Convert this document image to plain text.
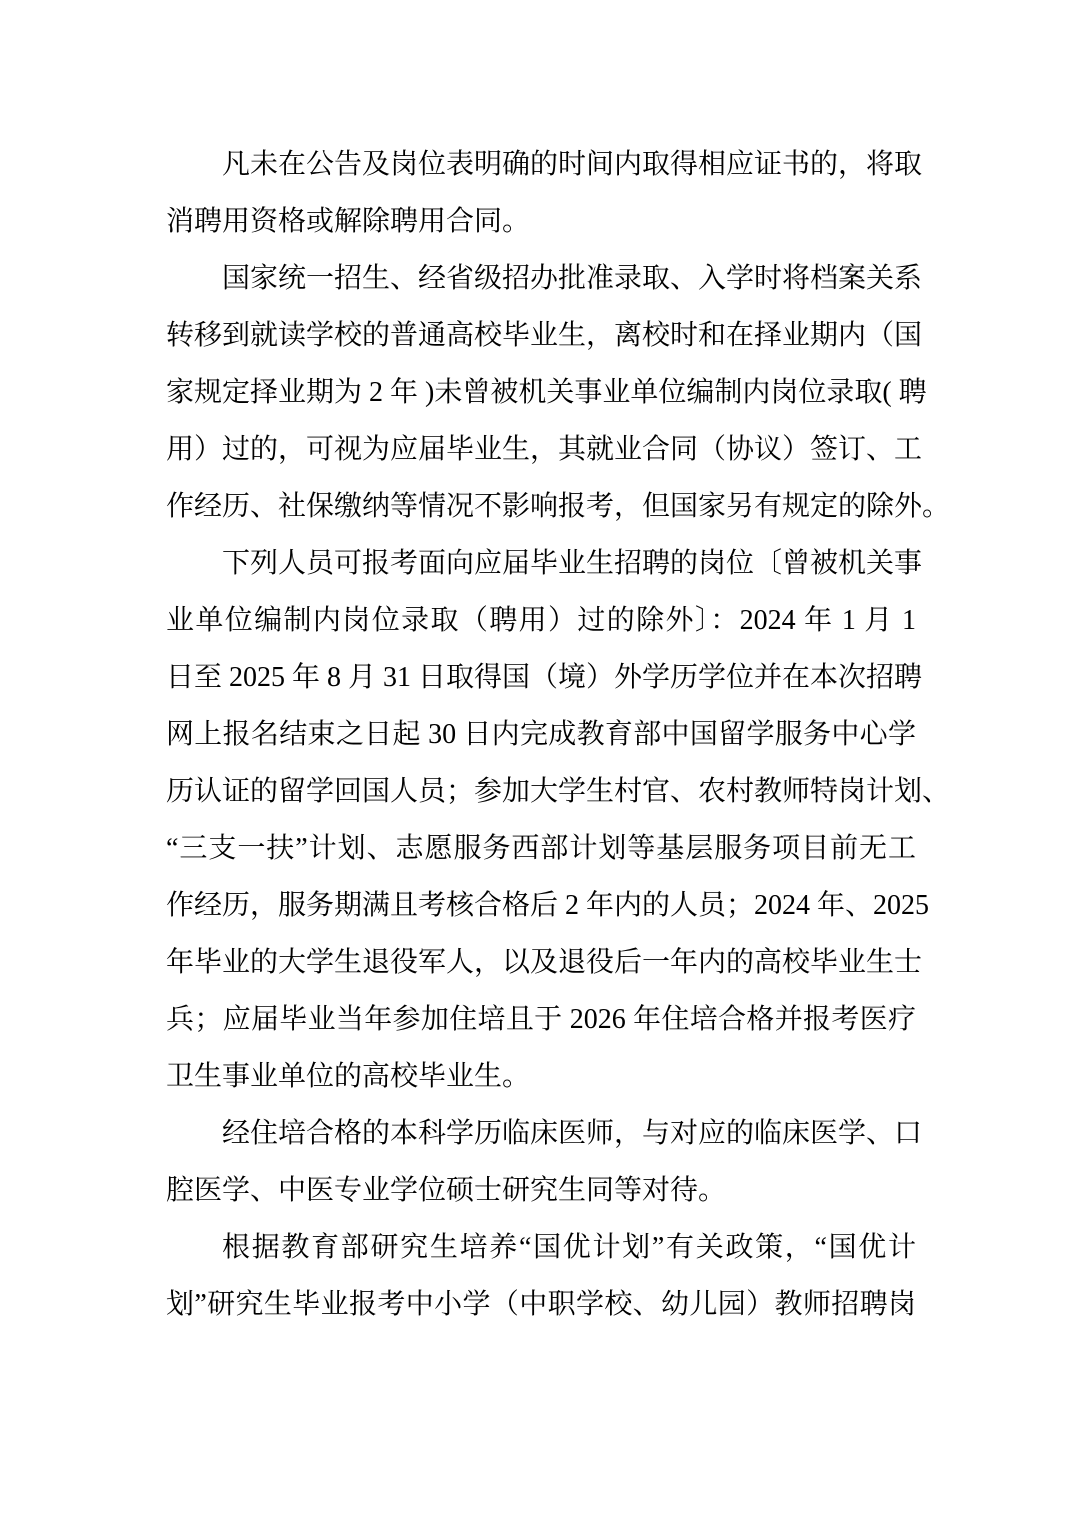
凡未在公告及岗位表明确的时间内取得相应证书的，将取
消聘用资格或解除聘用合同。
国家统一招生、经省级招办批准录取、入学时将档案关系
转移到就读学校的普通高校毕业生，离校时和在择业期内（国
家规定择业期为 2 年 )未曾被机关事业单位编制内岗位录取( 聘
用）过的，可视为应届毕业生，其就业合同（协议）签订、工
作经历、社保缴纳等情况不影响报考，但国家另有规定的除外。
下列人员可报考面向应届毕业生招聘的岗位〔曾被机关事
业单位编制内岗位录取（聘用）过的除外〕：2024 年 1 月 1
日至 2025 年 8 月 31 日取得国（境）外学历学位并在本次招聘
网上报名结束之日起 30 日内完成教育部中国留学服务中心学
历认证的留学回国人员；参加大学生村官、农村教师特岗计划、
“三支一扶”计划、志愿服务西部计划等基层服务项目前无工
作经历，服务期满且考核合格后 2 年内的人员；2024 年、2025
年毕业的大学生退役军人，以及退役后一年内的高校毕业生士
兵；应届毕业当年参加住培且于 2026 年住培合格并报考医疗
卫生事业单位的高校毕业生。
经住培合格的本科学历临床医师，与对应的临床医学、口
腔医学、中医专业学位硕士研究生同等对待。
根据教育部研究生培养“国优计划”有关政策，“国优计
划”研究生毕业报考中小学（中职学校、幼儿园）教师招聘岗
